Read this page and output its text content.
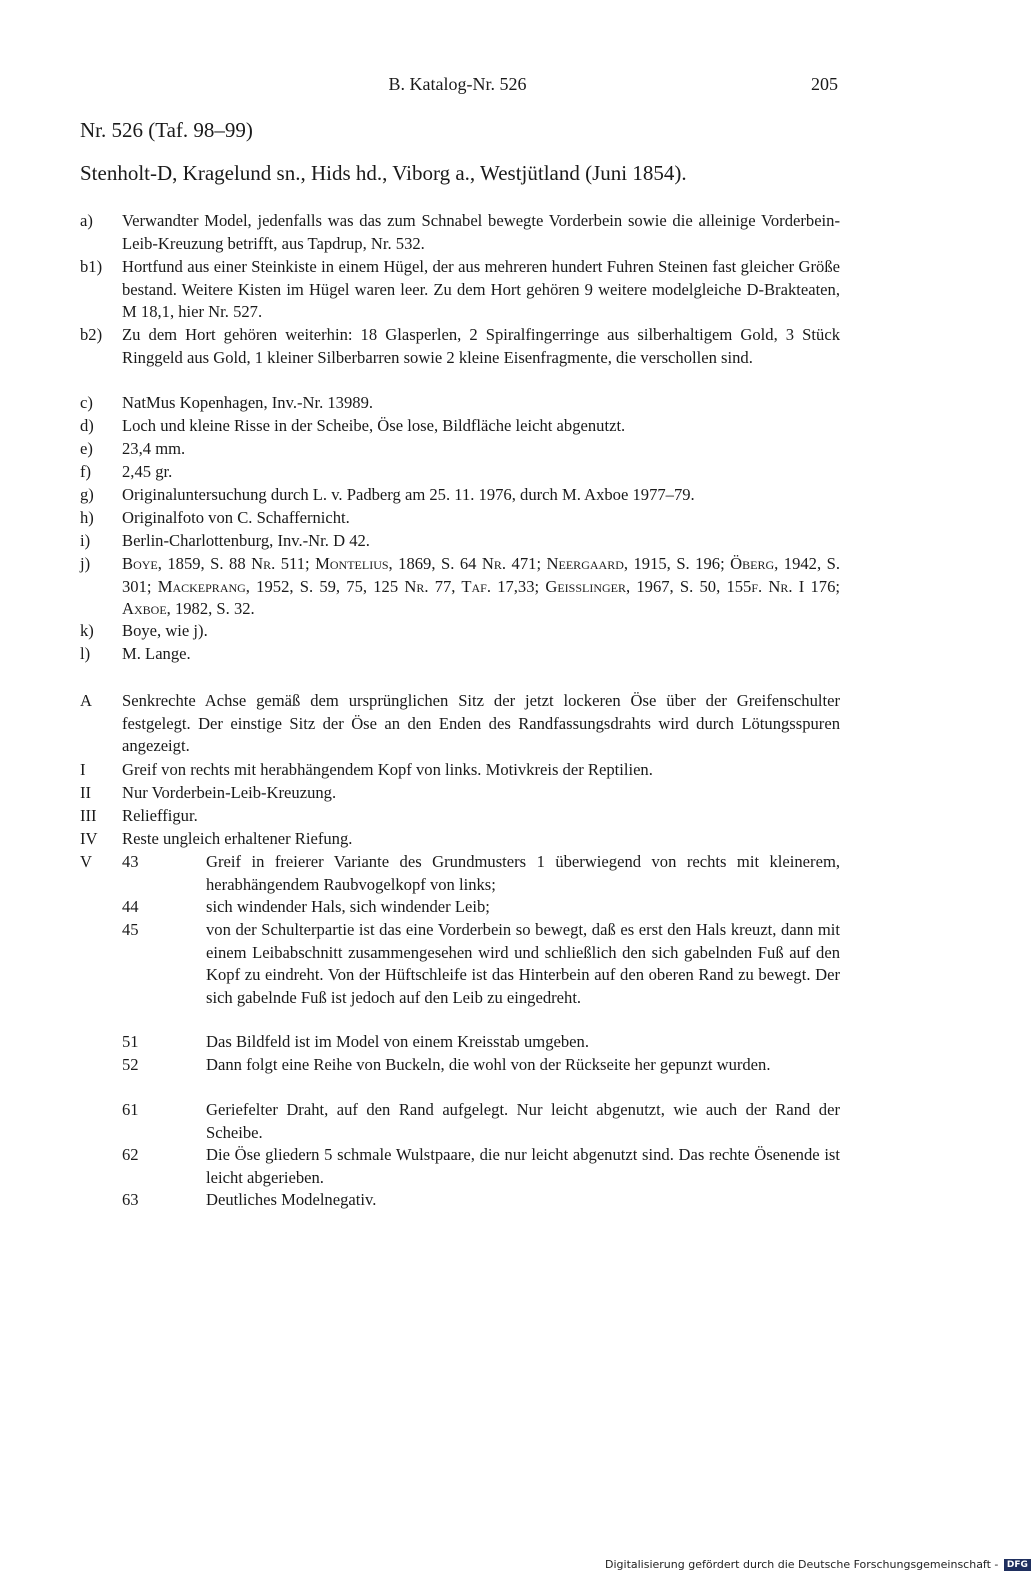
B. Katalog-Nr. 526	205
Nr. 526 (Taf. 98–99)
Stenholt-D, Kragelund sn., Hids hd., Viborg a., Westjütland (Juni 1854).
a) Verwandter Model, jedenfalls was das zum Schnabel bewegte Vorderbein sowie die alleinige Vorderbein-Leib-Kreuzung betrifft, aus Tapdrup, Nr. 532.
b1) Hortfund aus einer Steinkiste in einem Hügel, der aus mehreren hundert Fuhren Steinen fast gleicher Größe bestand. Weitere Kisten im Hügel waren leer. Zu dem Hort gehören 9 weitere modelgleiche D-Brakteaten, M 18,1, hier Nr. 527.
b2) Zu dem Hort gehören weiterhin: 18 Glasperlen, 2 Spiralfingerringe aus silberhaltigem Gold, 3 Stück Ringgeld aus Gold, 1 kleiner Silberbarren sowie 2 kleine Eisenfragmente, die verschollen sind.
c) NatMus Kopenhagen, Inv.-Nr. 13989.
d) Loch und kleine Risse in der Scheibe, Öse lose, Bildfläche leicht abgenutzt.
e) 23,4 mm.
f) 2,45 gr.
g) Originaluntersuchung durch L. v. Padberg am 25. 11. 1976, durch M. Axboe 1977–79.
h) Originalfoto von C. Schaffernicht.
i) Berlin-Charlottenburg, Inv.-Nr. D 42.
j) Boye, 1859, S. 88 Nr. 511; Montelius, 1869, S. 64 Nr. 471; Neergaard, 1915, S. 196; Öberg, 1942, S. 301; Mackeprang, 1952, S. 59, 75, 125 Nr. 77, Taf. 17,33; Geisslinger, 1967, S. 50, 155f. Nr. I 176; Axboe, 1982, S. 32.
k) Boye, wie j).
l) M. Lange.
A Senkrechte Achse gemäß dem ursprünglichen Sitz der jetzt lockeren Öse über der Greifenschulter festgelegt. Der einstige Sitz der Öse an den Enden des Randfassungsdrahts wird durch Lötungsspuren angezeigt.
I Greif von rechts mit herabhängendem Kopf von links. Motivkreis der Reptilien.
II Nur Vorderbein-Leib-Kreuzung.
III Relieffigur.
IV Reste ungleich erhaltener Riefung.
V 43	Greif in freierer Variante des Grundmusters 1 überwiegend von rechts mit kleinerem, herabhängendem Raubvogelkopf von links;
44	sich windender Hals, sich windender Leib;
45	von der Schulterpartie ist das eine Vorderbein so bewegt, daß es erst den Hals kreuzt, dann mit einem Leibabschnitt zusammengesehen wird und schließlich den sich gabelnden Fuß auf den Kopf zu eindreht. Von der Hüftschleife ist das Hinterbein auf den oberen Rand zu bewegt. Der sich gabelnde Fuß ist jedoch auf den Leib zu eingedreht.
51	Das Bildfeld ist im Model von einem Kreisstab umgeben.
52	Dann folgt eine Reihe von Buckeln, die wohl von der Rückseite her gepunzt wurden.
61	Geriefelter Draht, auf den Rand aufgelegt. Nur leicht abgenutzt, wie auch der Rand der Scheibe.
62	Die Öse gliedern 5 schmale Wulstpaare, die nur leicht abgenutzt sind. Das rechte Ösenende ist leicht abgerieben.
63	Deutliches Modelnegativ.
Digitalisierung gefördert durch die Deutsche Forschungsgemeinschaft - DFG
